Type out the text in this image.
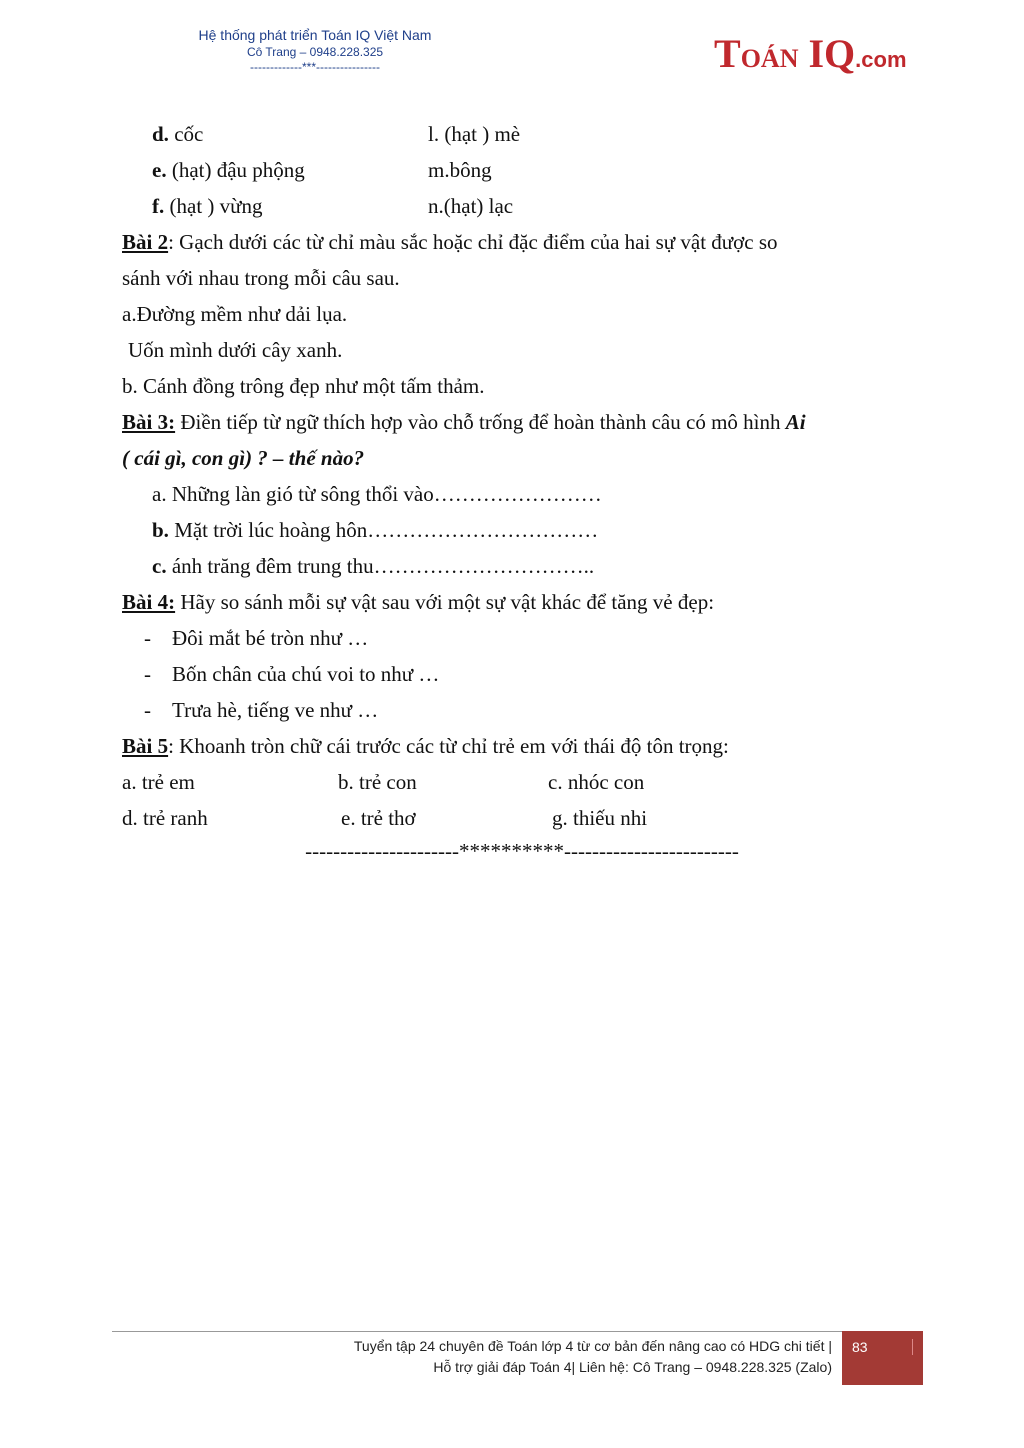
Hệ thống phát triển Toán IQ Việt Nam
Cô Trang – 0948.228.325
-------------***----------------	TOÁN IQ.com
d. cốc	l. (hạt ) mè
e. (hạt) đậu phộng	m.bông
f. (hạt ) vừng	n.(hạt) lạc
Bài 2: Gạch dưới các từ chỉ màu sắc hoặc chỉ đặc điểm của hai sự vật được so
sánh với nhau trong mỗi câu sau.
a.Đường mềm như dải lụa.
Uốn mình dưới cây xanh.
b. Cánh đồng trông đẹp như một tấm thảm.
Bài 3: Điền tiếp từ ngữ thích hợp vào chỗ trống để hoàn thành câu có mô hình Ai
( cái gì, con gì) ? – thế nào?
a. Những làn gió từ sông thổi vào……………………
b. Mặt trời lúc hoàng hôn……………………………
c. ánh trăng đêm trung thu…………………………..
Bài 4: Hãy so sánh mỗi sự vật sau với một sự vật khác để tăng vẻ đẹp:
- Đôi mắt bé tròn như …
- Bốn chân của chú voi to như …
- Trưa hè, tiếng ve như …
Bài 5: Khoanh tròn chữ cái trước các từ chỉ trẻ em với thái độ tôn trọng:
a. trẻ em	b. trẻ con	c. nhóc con
d. trẻ ranh	e. trẻ thơ	g. thiếu nhi
----------------------**********-------------------------
Tuyển tập 24 chuyên đề Toán lớp 4 từ cơ bản đến nâng cao có HDG chi tiết |
Hỗ trợ giải đáp Toán 4| Liên hệ: Cô Trang – 0948.228.325 (Zalo)
83
